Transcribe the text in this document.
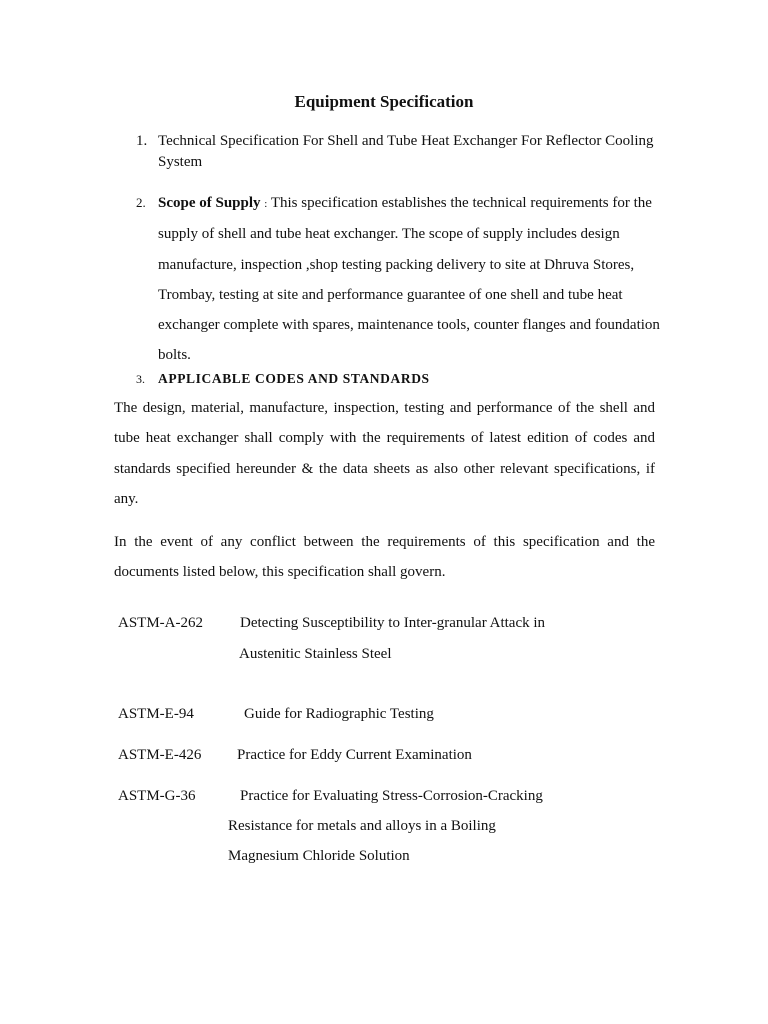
Equipment Specification
1. Technical Specification For Shell and Tube Heat Exchanger For Reflector Cooling System
2. Scope of Supply : This specification establishes the technical requirements for the supply of shell and tube heat exchanger. The scope of supply includes design manufacture, inspection ,shop testing packing delivery to site at Dhruva Stores, Trombay, testing at site and performance guarantee of one shell and tube heat exchanger complete with spares, maintenance tools, counter flanges and foundation bolts.
3. APPLICABLE CODES AND STANDARDS

The design, material, manufacture, inspection, testing and performance of the shell and tube heat exchanger shall comply with the requirements of latest edition of codes and standards specified hereunder & the data sheets as also other relevant specifications, if any.

In the event of any conflict between the requirements of this specification and the documents listed below, this specification shall govern.

ASTM-A-262 Detecting Susceptibility to Inter-granular Attack in
Austenitic Stainless Steel
ASTM-E-94	Guide for Radiographic Testing
ASTM-E-426 Practice for Eddy Current Examination
ASTM-G-36	Practice for Evaluating Stress-Corrosion-Cracking
Resistance for metals and alloys in a Boiling
Magnesium Chloride Solution
